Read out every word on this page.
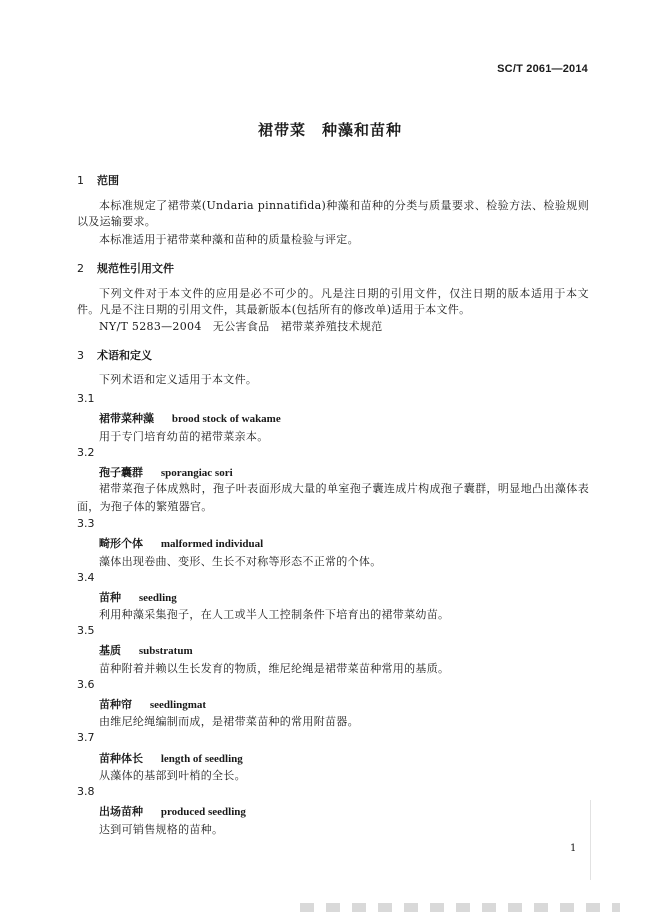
SC/T 2061—2014
裙带菜　种藻和苗种
1	范围
本标准规定了裙带菜(Undaria pinnatifida)种藻和苗种的分类与质量要求、检验方法、检验规则以及运输要求。
本标准适用于裙带菜种藻和苗种的质量检验与评定。
2	规范性引用文件
下列文件对于本文件的应用是必不可少的。凡是注日期的引用文件，仅注日期的版本适用于本文件。凡是不注日期的引用文件，其最新版本(包括所有的修改单)适用于本文件。
NY/T 5283—2004　无公害食品　裙带菜养殖技术规范
3	术语和定义
下列术语和定义适用于本文件。
3.1
裙带菜种藻 brood stock of wakame
用于专门培育幼苗的裙带菜亲本。
3.2
孢子囊群 sporangiac sori
裙带菜孢子体成熟时，孢子叶表面形成大量的单室孢子囊连成片构成孢子囊群，明显地凸出藻体表面，为孢子体的繁殖器官。
3.3
畸形个体 malformed individual
藻体出现卷曲、变形、生长不对称等形态不正常的个体。
3.4
苗种 seedling
利用种藻采集孢子，在人工或半人工控制条件下培育出的裙带菜幼苗。
3.5
基质 substratum
苗种附着并赖以生长发育的物质，维尼纶绳是裙带菜苗种常用的基质。
3.6
苗种帘 seedlingmat
由维尼纶绳编制而成，是裙带菜苗种的常用附苗器。
3.7
苗种体长 length of seedling
从藻体的基部到叶梢的全长。
3.8
出场苗种 produced seedling
达到可销售规格的苗种。
1
